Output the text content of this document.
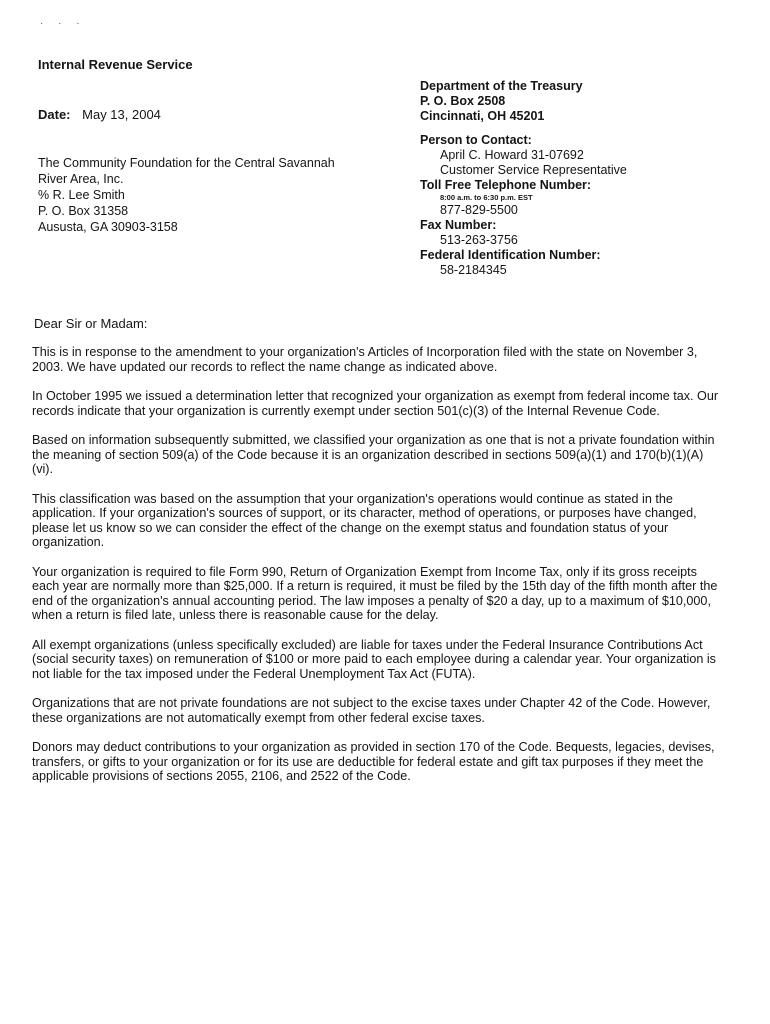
· · ·
Internal Revenue Service
Date: May 13, 2004
The Community Foundation for the Central Savannah
River Area, Inc.
% R. Lee Smith
P. O. Box 31358
Aususta, GA 30903-3158
Department of the Treasury
P. O. Box 2508
Cincinnati, OH 45201
Person to Contact:
April C. Howard 31-07692
Customer Service Representative
Toll Free Telephone Number:
8:00 a.m. to 6:30 p.m. EST
877-829-5500
Fax Number:
513-263-3756
Federal Identification Number:
58-2184345
Dear Sir or Madam:

This is in response to the amendment to your organization's Articles of Incorporation filed with the state on November 3, 2003. We have updated our records to reflect the name change as indicated above.

In October 1995 we issued a determination letter that recognized your organization as exempt from federal income tax. Our records indicate that your organization is currently exempt under section 501(c)(3) of the Internal Revenue Code.

Based on information subsequently submitted, we classified your organization as one that is not a private foundation within the meaning of section 509(a) of the Code because it is an organization described in sections 509(a)(1) and 170(b)(1)(A)(vi).

This classification was based on the assumption that your organization's operations would continue as stated in the application. If your organization's sources of support, or its character, method of operations, or purposes have changed, please let us know so we can consider the effect of the change on the exempt status and foundation status of your organization.

Your organization is required to file Form 990, Return of Organization Exempt from Income Tax, only if its gross receipts each year are normally more than $25,000. If a return is required, it must be filed by the 15th day of the fifth month after the end of the organization's annual accounting period. The law imposes a penalty of $20 a day, up to a maximum of $10,000, when a return is filed late, unless there is reasonable cause for the delay.

All exempt organizations (unless specifically excluded) are liable for taxes under the Federal Insurance Contributions Act (social security taxes) on remuneration of $100 or more paid to each employee during a calendar year. Your organization is not liable for the tax imposed under the Federal Unemployment Tax Act (FUTA).

Organizations that are not private foundations are not subject to the excise taxes under Chapter 42 of the Code. However, these organizations are not automatically exempt from other federal excise taxes.

Donors may deduct contributions to your organization as provided in section 170 of the Code. Bequests, legacies, devises, transfers, or gifts to your organization or for its use are deductible for federal estate and gift tax purposes if they meet the applicable provisions of sections 2055, 2106, and 2522 of the Code.
